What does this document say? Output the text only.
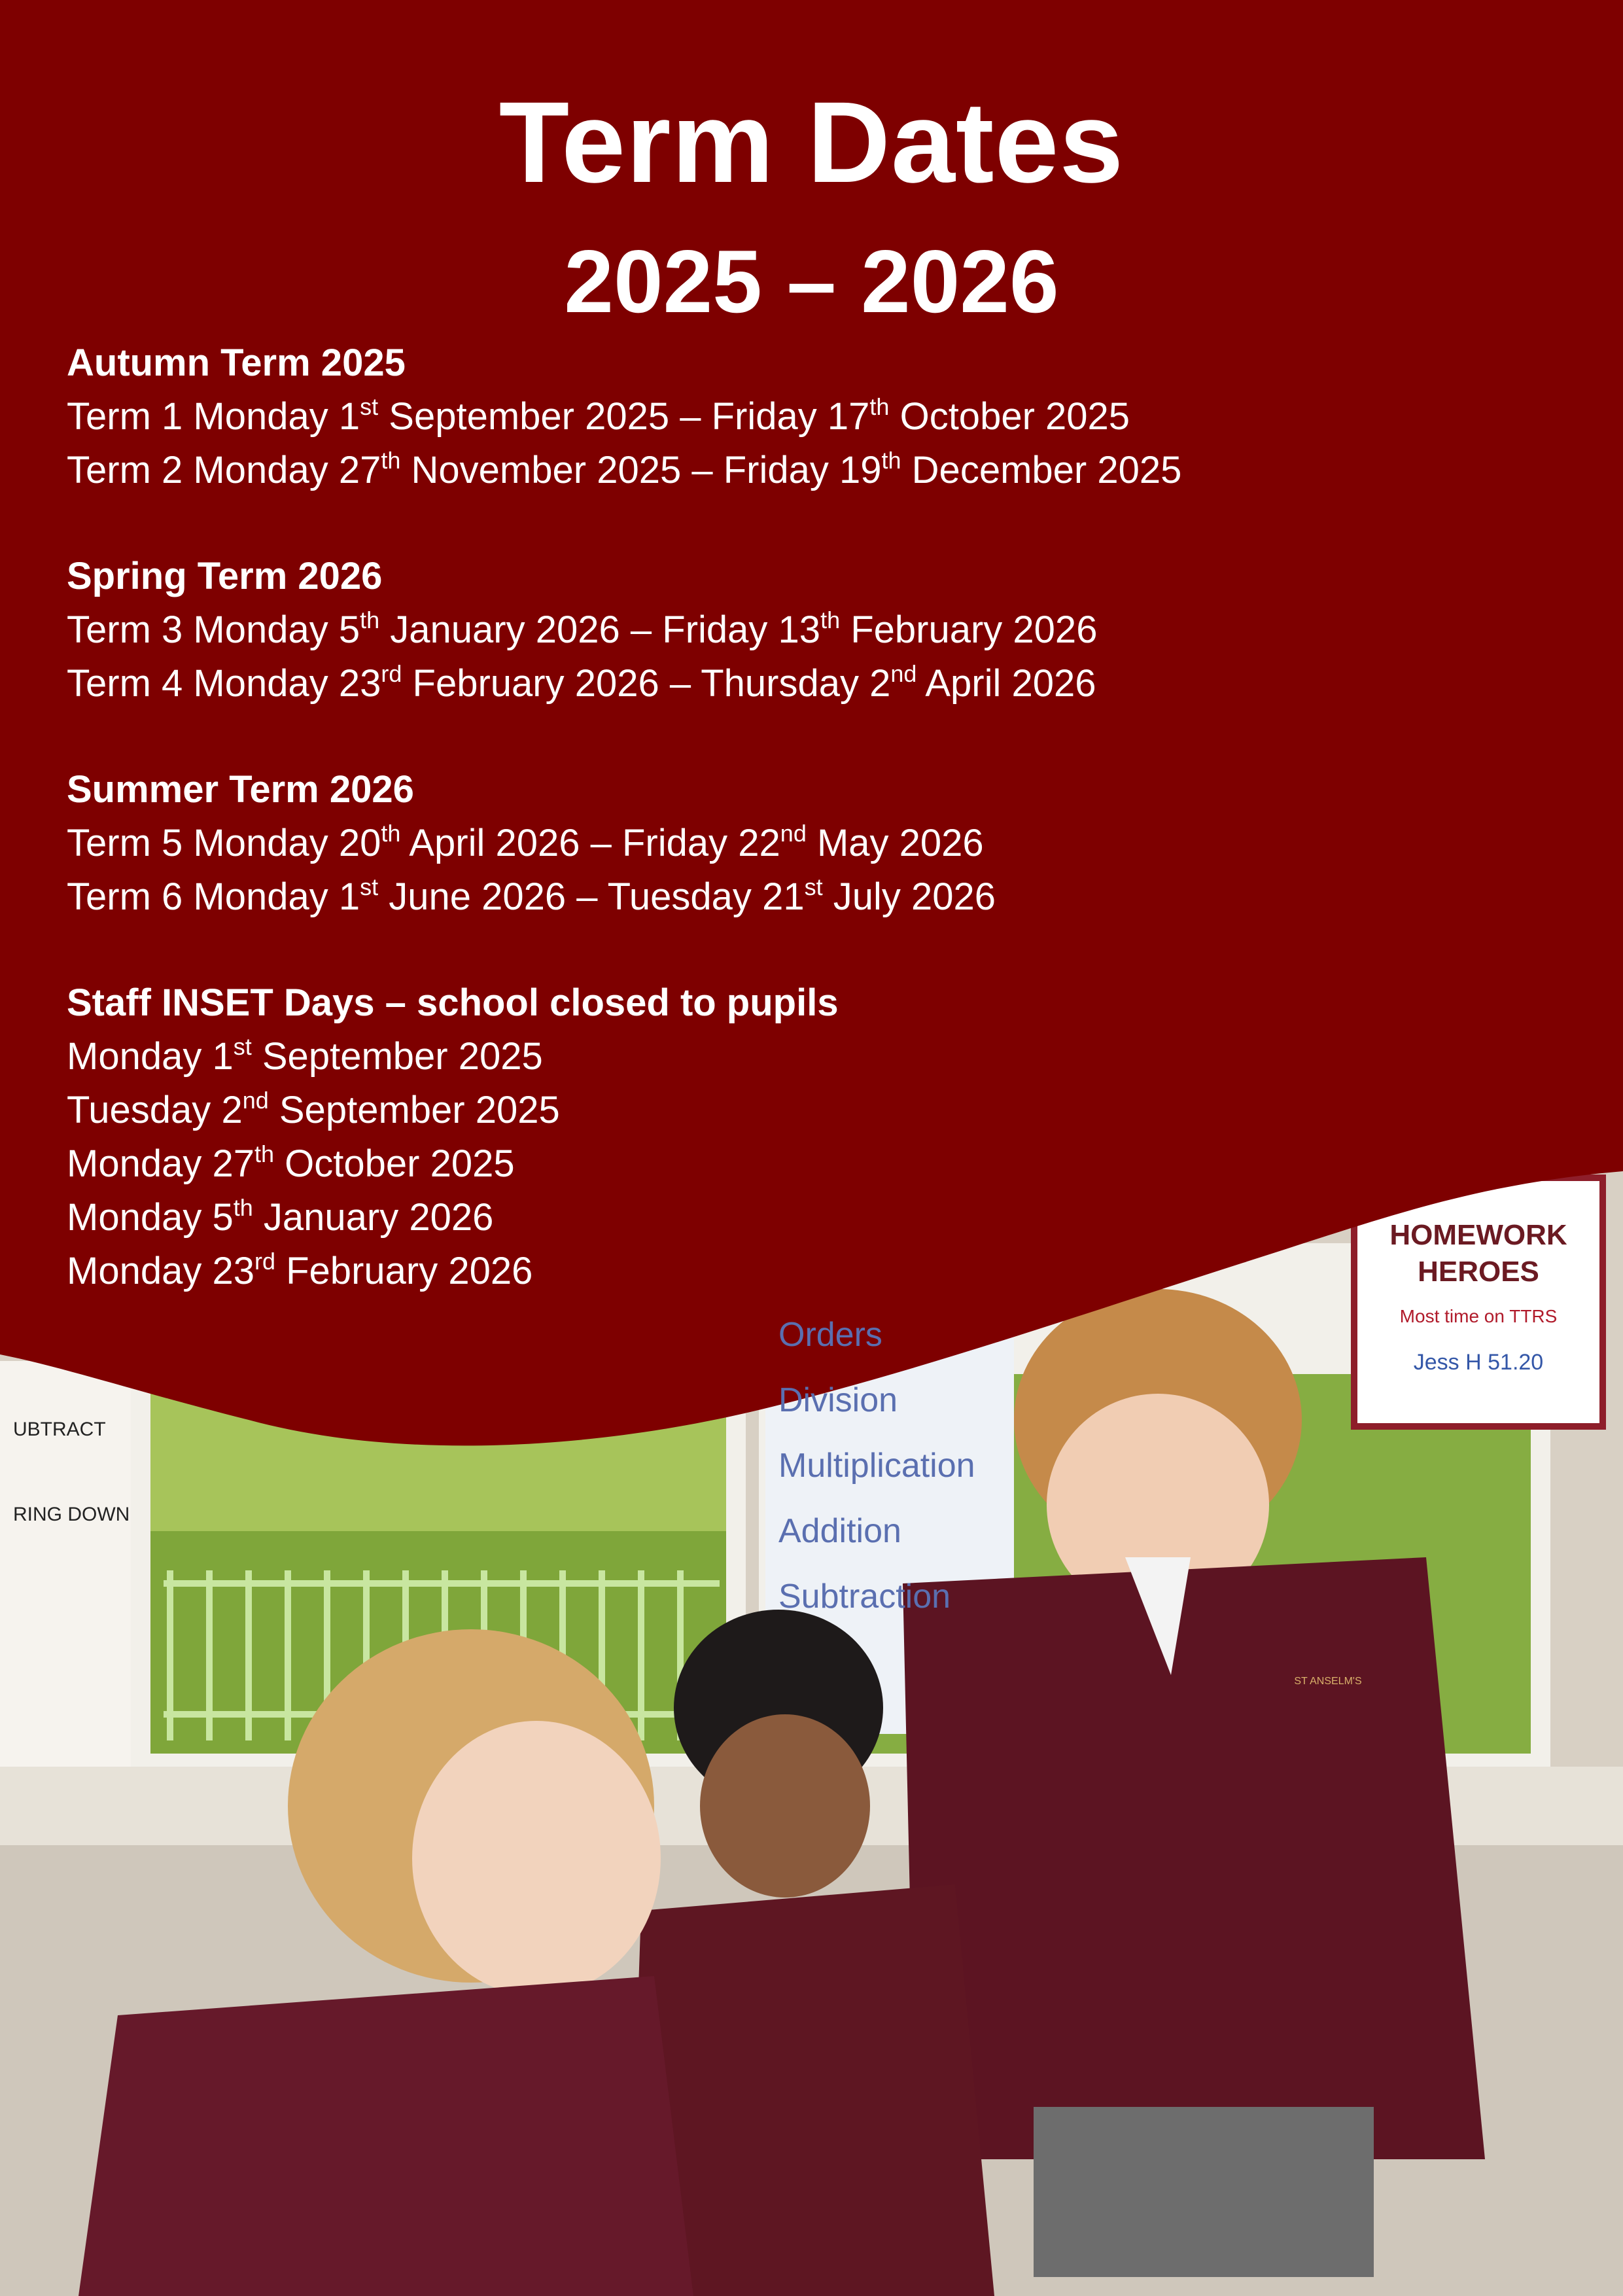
Term Dates
2025 – 2026

Autumn Term 2025

Term 1 Monday 1st September 2025 – Friday 17th October 2025

Term 2 Monday 27th November 2025 – Friday 19th December 2025

Spring Term 2026

Term 3 Monday 5th January 2026 – Friday 13th February 2026

Term 4 Monday 23rd February 2026 – Thursday 2nd April 2026

Summer Term 2026

Term 5 Monday 20th April 2026 – Friday 22nd May 2026

Term 6 Monday 1st June 2026 – Tuesday 21st July 2026

Staff INSET Days – school closed to pupils

Monday 1st September 2025

Tuesday 2nd September 2025

Monday 27th October 2025

Monday 5th January 2026

Monday 23rd February 2026

HOMEWORK HEROES
Most time on TTRS
Jess H 51.20
Orders
Division
Multiplication
Addition
Subtraction
UBTRACT
RING DOWN
ST ANSELM'S
